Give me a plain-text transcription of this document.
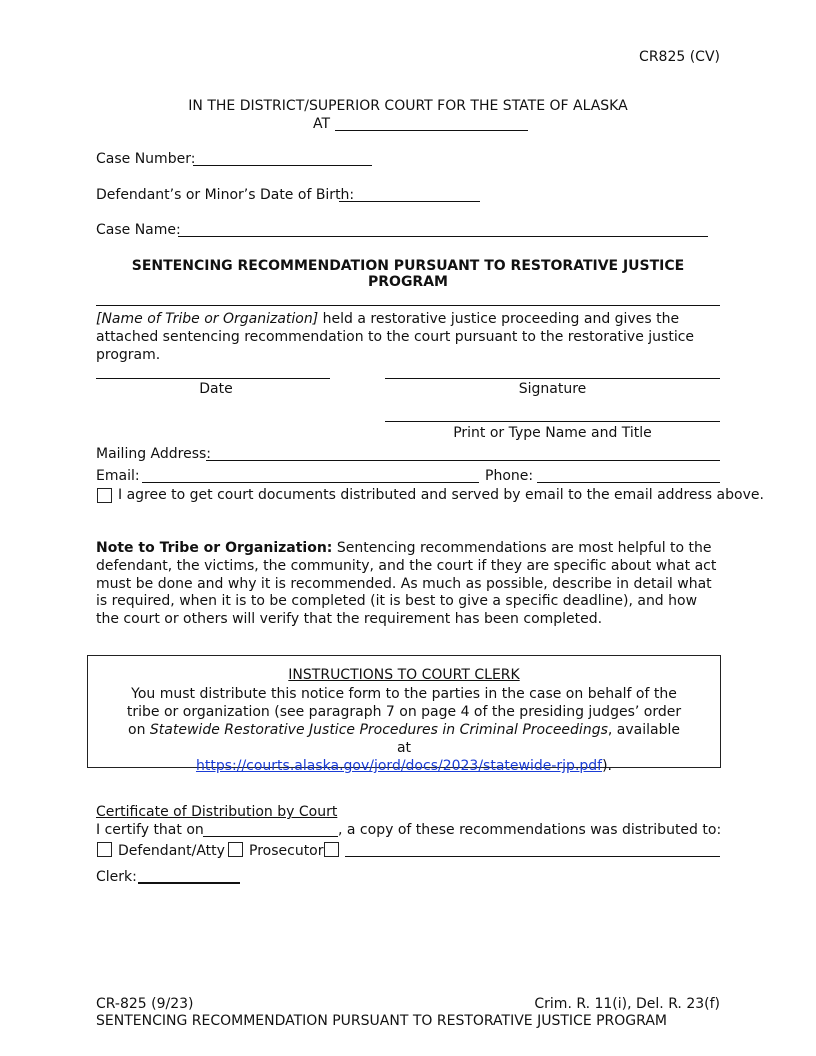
CR825 (CV)
IN THE DISTRICT/SUPERIOR COURT FOR THE STATE OF ALASKA
AT
Case Number:
Defendant’s or Minor’s Date of Birth:
Case Name:
SENTENCING RECOMMENDATION PURSUANT TO RESTORATIVE JUSTICE PROGRAM
[Name of Tribe or Organization] held a restorative justice proceeding and gives the attached sentencing recommendation to the court pursuant to the restorative justice program.
Date	Signature
Print or Type Name and Title
Mailing Address:
Email:	Phone:
I agree to get court documents distributed and served by email to the email address above.
Note to Tribe or Organization: Sentencing recommendations are most helpful to the defendant, the victims, the community, and the court if they are specific about what act must be done and why it is recommended. As much as possible, describe in detail what is required, when it is to be completed (it is best to give a specific deadline), and how the court or others will verify that the requirement has been completed.
INSTRUCTIONS TO COURT CLERK
You must distribute this notice form to the parties in the case on behalf of the tribe or organization (see paragraph 7 on page 4 of the presiding judges’ order on Statewide Restorative Justice Procedures in Criminal Proceedings, available at
https://courts.alaska.gov/jord/docs/2023/statewide-rjp.pdf).
Certificate of Distribution by Court
I certify that on	, a copy of these recommendations was distributed to:
Defendant/Atty Prosecutor
Clerk:
CR-825 (9/23)	Crim. R. 11(i), Del. R. 23(f)
SENTENCING RECOMMENDATION PURSUANT TO RESTORATIVE JUSTICE PROGRAM
